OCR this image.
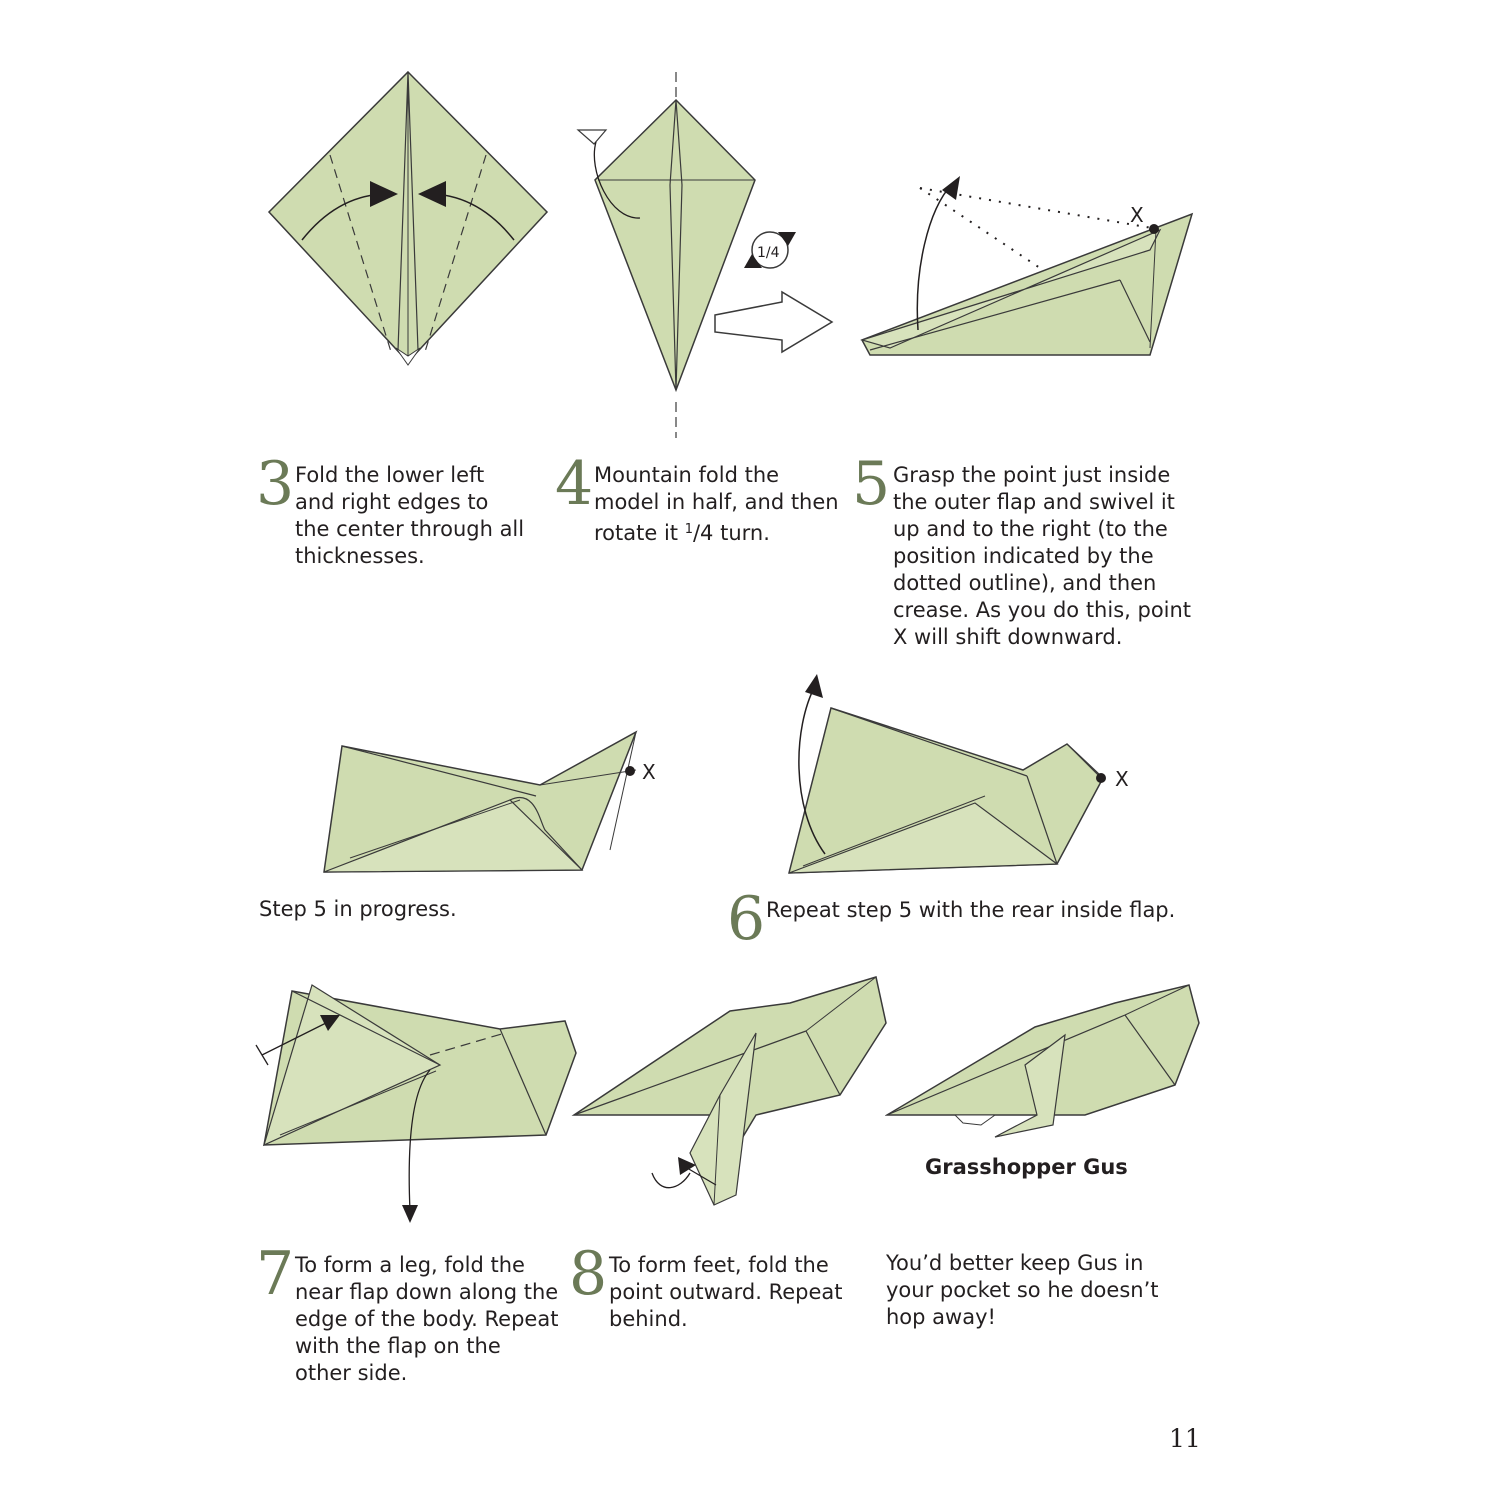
1/4
X
X	X
3 Fold the lower left
and right edges to
the center through all
thicknesses.
4 Mountain fold the
model in half, and then
rotate it $^1$/4 turn.
5 Grasp the point just inside
the outer flap and swivel it
up and to the right (to the
position indicated by the
dotted outline), and then
crease. As you do this, point
X will shift downward.
Step 5 in progress.	6 Repeat step 5 with the rear inside flap.
Grasshopper Gus
7 To form a leg, fold the
near flap down along the
edge of the body. Repeat
with the flap on the
other side.
8 To form feet, fold the
point outward. Repeat
behind.
You’d better keep Gus in
your pocket so he doesn’t
hop away!
11
